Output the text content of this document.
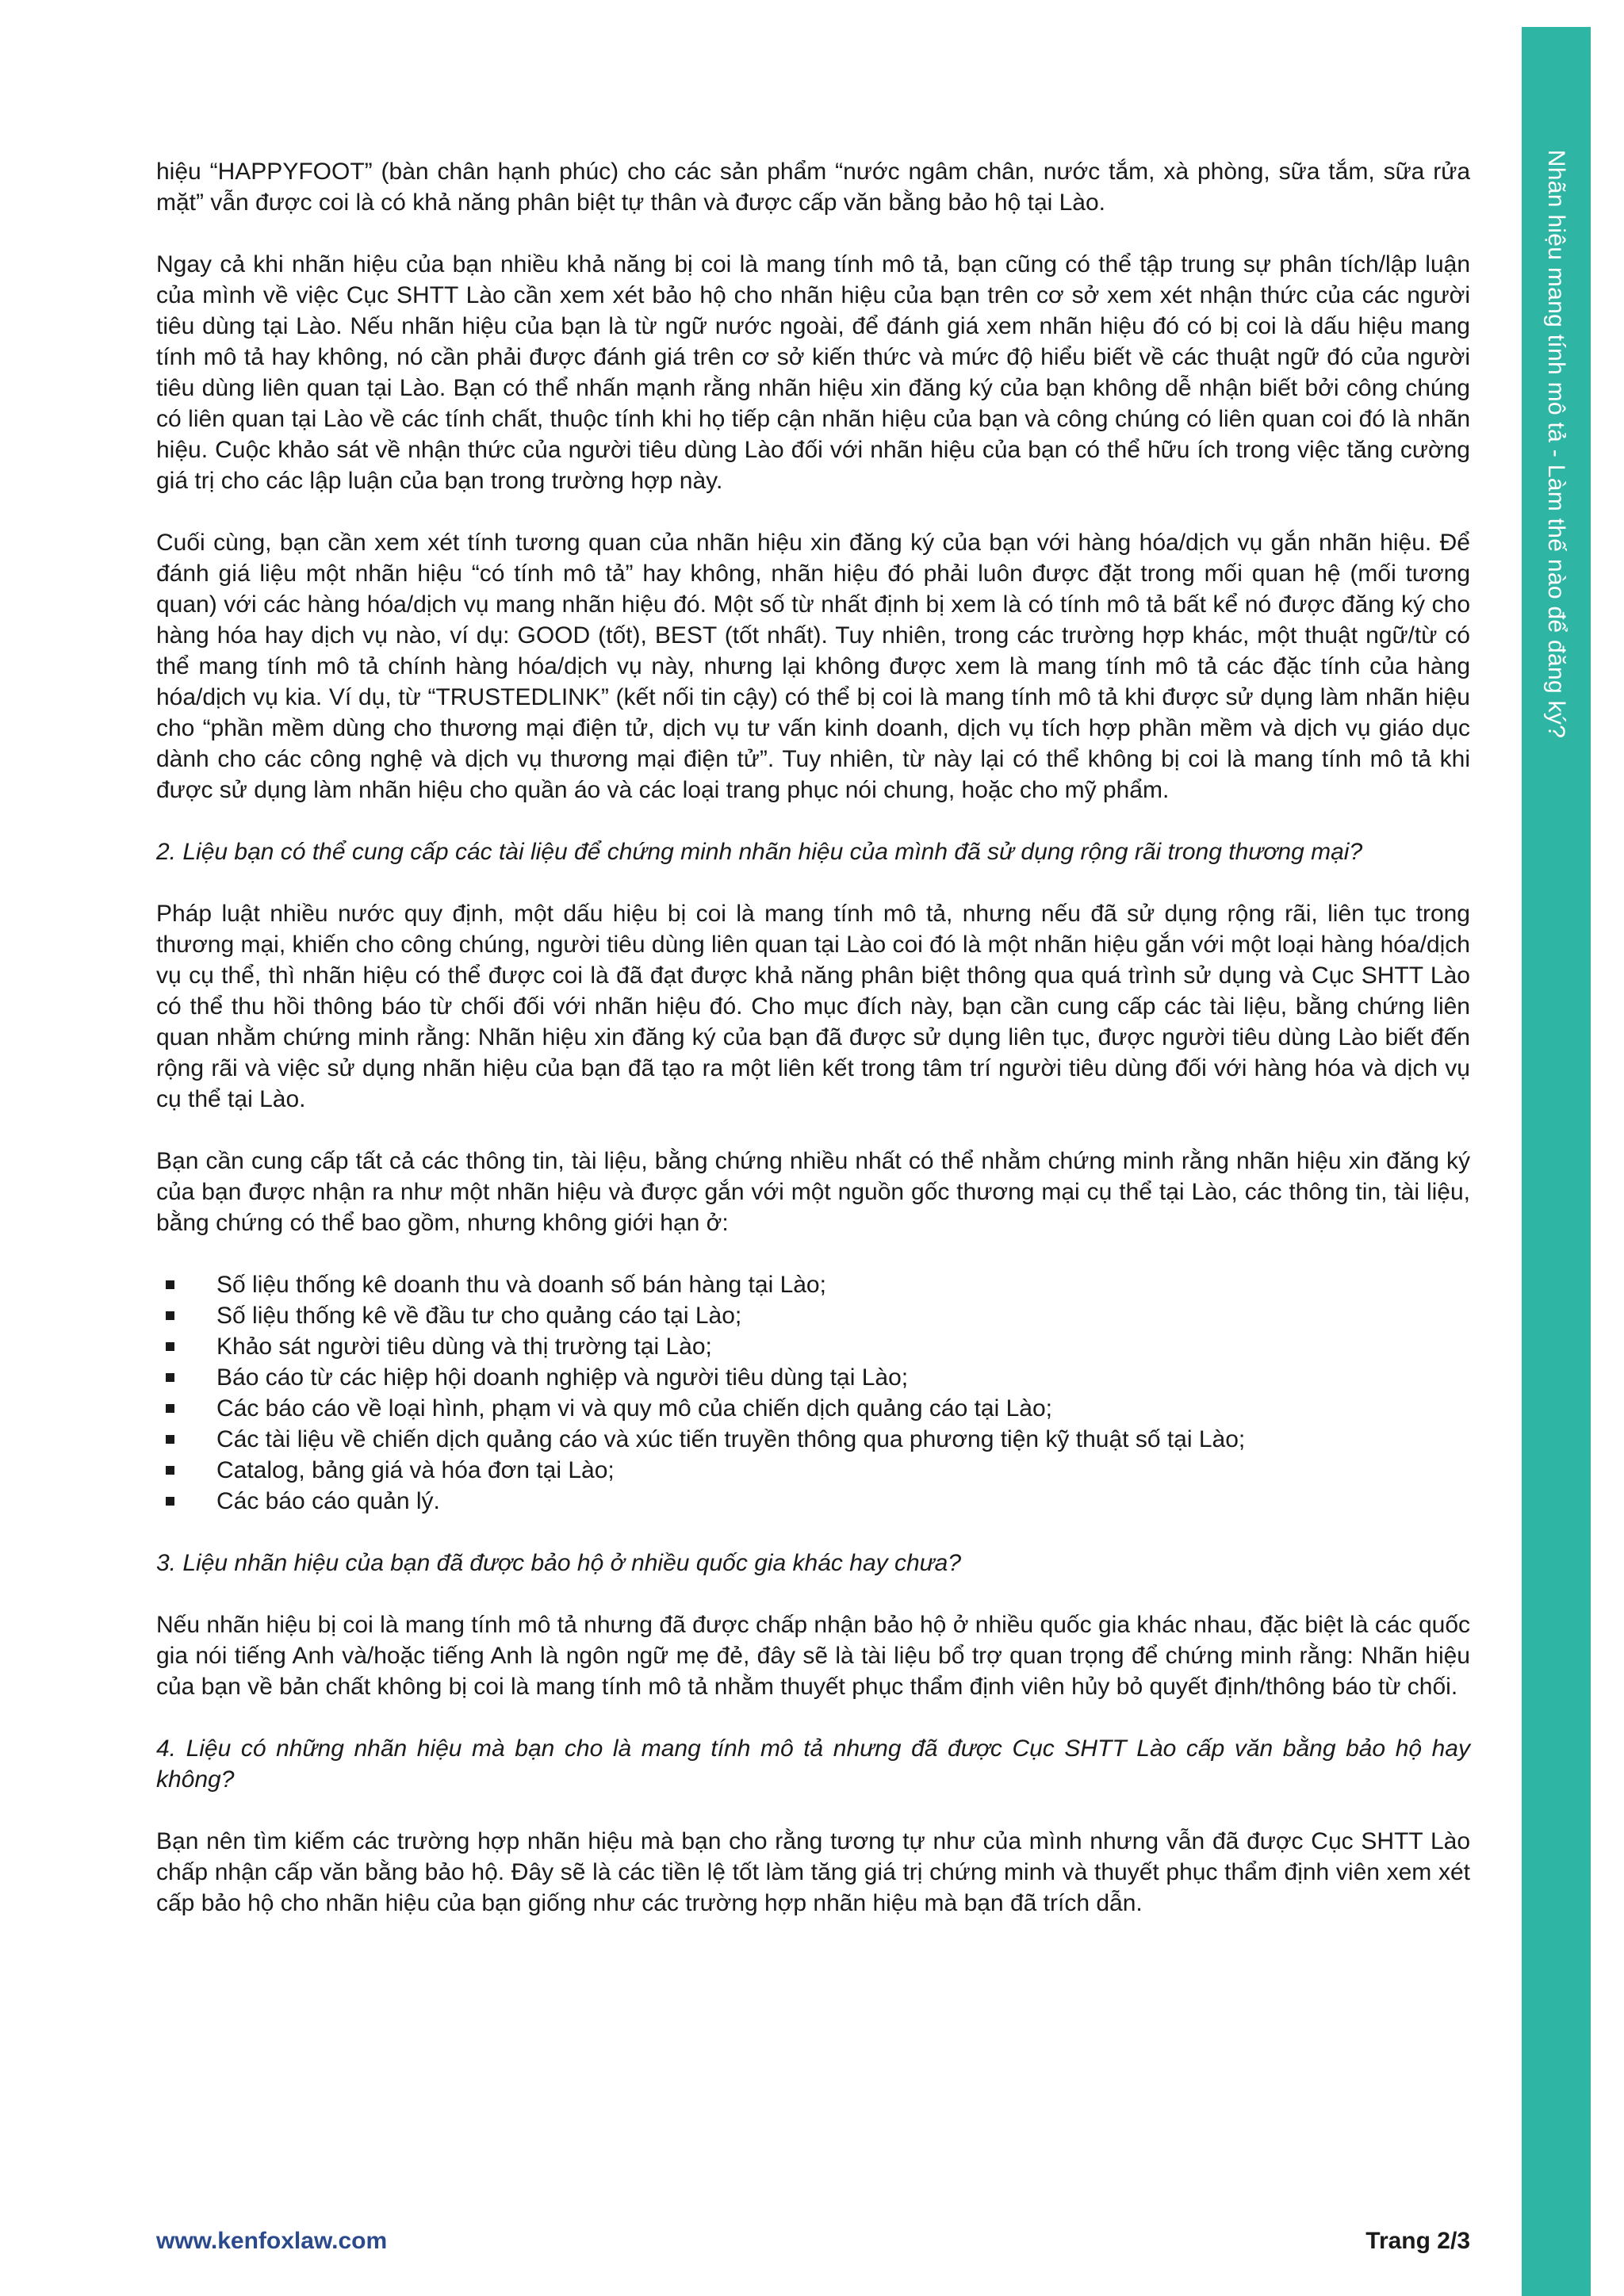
Nhãn hiệu mang tính mô tả - Làm thế nào để đăng ký?

hiệu “HAPPYFOOT” (bàn chân hạnh phúc) cho các sản phẩm “nước ngâm chân, nước tắm, xà phòng, sữa tắm, sữa rửa mặt” vẫn được coi là có khả năng phân biệt tự thân và được cấp văn bằng bảo hộ tại Lào.

Ngay cả khi nhãn hiệu của bạn nhiều khả năng bị coi là mang tính mô tả, bạn cũng có thể tập trung sự phân tích/lập luận của mình về việc Cục SHTT Lào cần xem xét bảo hộ cho nhãn hiệu của bạn trên cơ sở xem xét nhận thức của các người tiêu dùng tại Lào. Nếu nhãn hiệu của bạn là từ ngữ nước ngoài, để đánh giá xem nhãn hiệu đó có bị coi là dấu hiệu mang tính mô tả hay không, nó cần phải được đánh giá trên cơ sở kiến thức và mức độ hiểu biết về các thuật ngữ đó của người tiêu dùng liên quan tại Lào. Bạn có thể nhấn mạnh rằng nhãn hiệu xin đăng ký của bạn không dễ nhận biết bởi công chúng có liên quan tại Lào về các tính chất, thuộc tính khi họ tiếp cận nhãn hiệu của bạn và công chúng có liên quan coi đó là nhãn hiệu. Cuộc khảo sát về nhận thức của người tiêu dùng Lào đối với nhãn hiệu của bạn có thể hữu ích trong việc tăng cường giá trị cho các lập luận của bạn trong trường hợp này.

Cuối cùng, bạn cần xem xét tính tương quan của nhãn hiệu xin đăng ký của bạn với hàng hóa/dịch vụ gắn nhãn hiệu. Để đánh giá liệu một nhãn hiệu “có tính mô tả” hay không, nhãn hiệu đó phải luôn được đặt trong mối quan hệ (mối tương quan) với các hàng hóa/dịch vụ mang nhãn hiệu đó. Một số từ nhất định bị xem là có tính mô tả bất kể nó được đăng ký cho hàng hóa hay dịch vụ nào, ví dụ: GOOD (tốt), BEST (tốt nhất). Tuy nhiên, trong các trường hợp khác, một thuật ngữ/từ có thể mang tính mô tả chính hàng hóa/dịch vụ này, nhưng lại không được xem là mang tính mô tả các đặc tính của hàng hóa/dịch vụ kia. Ví dụ, từ “TRUSTEDLINK” (kết nối tin cậy) có thể bị coi là mang tính mô tả khi được sử dụng làm nhãn hiệu cho “phần mềm dùng cho thương mại điện tử, dịch vụ tư vấn kinh doanh, dịch vụ tích hợp phần mềm và dịch vụ giáo dục dành cho các công nghệ và dịch vụ thương mại điện tử”. Tuy nhiên, từ này lại có thể không bị coi là mang tính mô tả khi được sử dụng làm nhãn hiệu cho quần áo và các loại trang phục nói chung, hoặc cho mỹ phẩm.

2. Liệu bạn có thể cung cấp các tài liệu để chứng minh nhãn hiệu của mình đã sử dụng rộng rãi trong thương mại?

Pháp luật nhiều nước quy định, một dấu hiệu bị coi là mang tính mô tả, nhưng nếu đã sử dụng rộng rãi, liên tục trong thương mại, khiến cho công chúng, người tiêu dùng liên quan tại Lào coi đó là một nhãn hiệu gắn với một loại hàng hóa/dịch vụ cụ thể, thì nhãn hiệu có thể được coi là đã đạt được khả năng phân biệt thông qua quá trình sử dụng và Cục SHTT Lào có thể thu hồi thông báo từ chối đối với nhãn hiệu đó. Cho mục đích này, bạn cần cung cấp các tài liệu, bằng chứng liên quan nhằm chứng minh rằng: Nhãn hiệu xin đăng ký của bạn đã được sử dụng liên tục, được người tiêu dùng Lào biết đến rộng rãi và việc sử dụng nhãn hiệu của bạn đã tạo ra một liên kết trong tâm trí người tiêu dùng đối với hàng hóa và dịch vụ cụ thể tại Lào.

Bạn cần cung cấp tất cả các thông tin, tài liệu, bằng chứng nhiều nhất có thể nhằm chứng minh rằng nhãn hiệu xin đăng ký của bạn được nhận ra như một nhãn hiệu và được gắn với một nguồn gốc thương mại cụ thể tại Lào, các thông tin, tài liệu, bằng chứng có thể bao gồm, nhưng không giới hạn ở:

Số liệu thống kê doanh thu và doanh số bán hàng tại Lào;
Số liệu thống kê về đầu tư cho quảng cáo tại Lào;
Khảo sát người tiêu dùng và thị trường tại Lào;
Báo cáo từ các hiệp hội doanh nghiệp và người tiêu dùng tại Lào;
Các báo cáo về loại hình, phạm vi và quy mô của chiến dịch quảng cáo tại Lào;
Các tài liệu về chiến dịch quảng cáo và xúc tiến truyền thông qua phương tiện kỹ thuật số tại Lào;
Catalog, bảng giá và hóa đơn tại Lào;
Các báo cáo quản lý.

3. Liệu nhãn hiệu của bạn đã được bảo hộ ở nhiều quốc gia khác hay chưa?

Nếu nhãn hiệu bị coi là mang tính mô tả nhưng đã được chấp nhận bảo hộ ở nhiều quốc gia khác nhau, đặc biệt là các quốc gia nói tiếng Anh và/hoặc tiếng Anh là ngôn ngữ mẹ đẻ, đây sẽ là tài liệu bổ trợ quan trọng để chứng minh rằng: Nhãn hiệu của bạn về bản chất không bị coi là mang tính mô tả nhằm thuyết phục thẩm định viên hủy bỏ quyết định/thông báo từ chối.

4. Liệu có những nhãn hiệu mà bạn cho là mang tính mô tả nhưng đã được Cục SHTT Lào cấp văn bằng bảo hộ hay không?

Bạn nên tìm kiếm các trường hợp nhãn hiệu mà bạn cho rằng tương tự như của mình nhưng vẫn đã được Cục SHTT Lào chấp nhận cấp văn bằng bảo hộ. Đây sẽ là các tiền lệ tốt làm tăng giá trị chứng minh và thuyết phục thẩm định viên xem xét cấp bảo hộ cho nhãn hiệu của bạn giống như các trường hợp nhãn hiệu mà bạn đã trích dẫn.

www.kenfoxlaw.com	Trang 2/3
